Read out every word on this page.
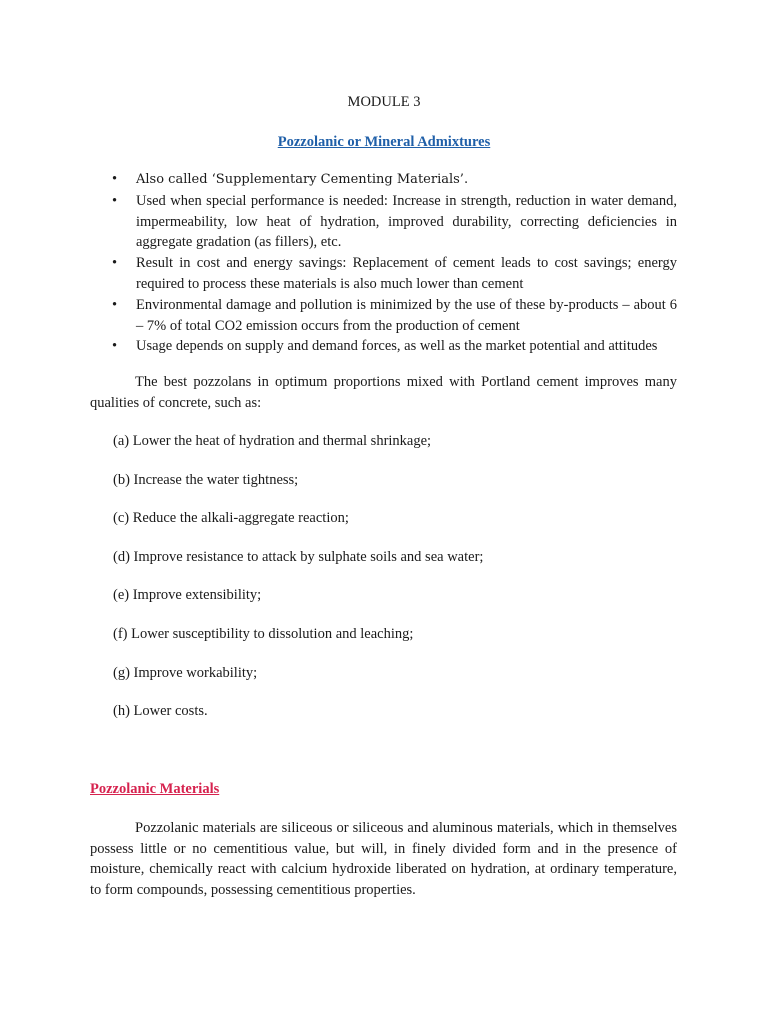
MODULE 3
Pozzolanic or Mineral Admixtures
• Also called ‘Supplementary Cementing Materials’.
• Used when special performance is needed: Increase in strength, reduction in water demand, impermeability, low heat of hydration, improved durability, correcting deficiencies in aggregate gradation (as fillers), etc.
• Result in cost and energy savings: Replacement of cement leads to cost savings; energy required to process these materials is also much lower than cement
• Environmental damage and pollution is minimized by the use of these by-products – about 6 – 7% of total CO2 emission occurs from the production of cement
• Usage depends on supply and demand forces, as well as the market potential and attitudes

The best pozzolans in optimum proportions mixed with Portland cement improves many qualities of concrete, such as:

(a) Lower the heat of hydration and thermal shrinkage;
(b) Increase the water tightness;
(c) Reduce the alkali-aggregate reaction;
(d) Improve resistance to attack by sulphate soils and sea water;
(e) Improve extensibility;
(f) Lower susceptibility to dissolution and leaching;
(g) Improve workability;
(h) Lower costs.
Pozzolanic Materials

Pozzolanic materials are siliceous or siliceous and aluminous materials, which in themselves possess little or no cementitious value, but will, in finely divided form and in the presence of moisture, chemically react with calcium hydroxide liberated on hydration, at ordinary temperature, to form compounds, possessing cementitious properties.
